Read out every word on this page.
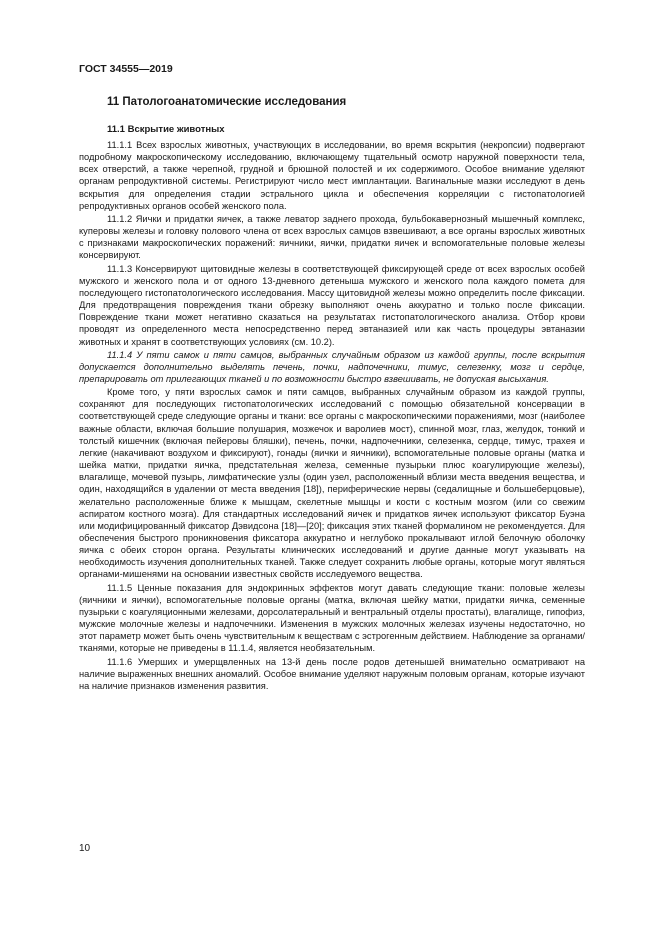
ГОСТ 34555—2019
11 Патологоанатомические исследования
11.1 Вскрытие животных

11.1.1 Всех взрослых животных, участвующих в исследовании, во время вскрытия (некропсии) подвергают подробному макроскопическому исследованию, включающему тщательный осмотр наружной поверхности тела, всех отверстий, а также черепной, грудной и брюшной полостей и их содержимого. Особое внимание уделяют органам репродуктивной системы. Регистрируют число мест имплантации. Вагинальные мазки исследуют в день вскрытия для определения стадии эстрального цикла и обеспечения корреляции с гистопатологией репродуктивных органов особей женского пола.

11.1.2 Яички и придатки яичек, а также леватор заднего прохода, бульбокавернозный мышечный комплекс, куперовы железы и головку полового члена от всех взрослых самцов взвешивают, а все органы взрослых животных с признаками макроскопических поражений: яичники, яички, придатки яичек и вспомогательные половые железы консервируют.

11.1.3 Консервируют щитовидные железы в соответствующей фиксирующей среде от всех взрослых особей мужского и женского пола и от одного 13-дневного детеныша мужского и женского пола каждого помета для последующего гистопатологического исследования. Массу щитовидной железы можно определить после фиксации. Для предотвращения повреждения ткани обрезку выполняют очень аккуратно и только после фиксации. Повреждение ткани может негативно сказаться на результатах гистопатологического анализа. Отбор крови проводят из определенного места непосредственно перед эвтаназией или как часть процедуры эвтаназии животных и хранят в соответствующих условиях (см. 10.2).

11.1.4 У пяти самок и пяти самцов, выбранных случайным образом из каждой группы, после вскрытия допускается дополнительно выделять печень, почки, надпочечники, тимус, селезенку, мозг и сердце, препарировать от прилегающих тканей и по возможности быстро взвешивать, не допуская высыхания.

Кроме того, у пяти взрослых самок и пяти самцов, выбранных случайным образом из каждой группы, сохраняют для последующих гистопатологических исследований с помощью обязательной консервации в соответствующей среде следующие органы и ткани: все органы с макроскопическими поражениями, мозг (наиболее важные области, включая большие полушария, мозжечок и варолиев мост), спинной мозг, глаз, желудок, тонкий и толстый кишечник (включая пейеровы бляшки), печень, почки, надпочечники, селезенка, сердце, тимус, трахея и легкие (накачивают воздухом и фиксируют), гонады (яички и яичники), вспомогательные половые органы (матка и шейка матки, придатки яичка, предстательная железа, семенные пузырьки плюс коагулирующие железы), влагалище, мочевой пузырь, лимфатические узлы (один узел, расположенный вблизи места введения вещества, и один, находящийся в удалении от места введения [18]), периферические нервы (седалищные и большеберцовые), желательно расположенные ближе к мышцам, скелетные мышцы и кости с костным мозгом (или со свежим аспиратом костного мозга). Для стандартных исследований яичек и придатков яичек используют фиксатор Буэна или модифицированный фиксатор Дэвидсона [18]—[20]; фиксация этих тканей формалином не рекомендуется. Для обеспечения быстрого проникновения фиксатора аккуратно и неглубоко прокалывают иглой белочную оболочку яичка с обеих сторон органа. Результаты клинических исследований и другие данные могут указывать на необходимость изучения дополнительных тканей. Также следует сохранить любые органы, которые могут являться органами-мишенями на основании известных свойств исследуемого вещества.

11.1.5 Ценные показания для эндокринных эффектов могут давать следующие ткани: половые железы (яичники и яички), вспомогательные половые органы (матка, включая шейку матки, придатки яичка, семенные пузырьки с коагуляционными железами, дорсолатеральный и вентральный отделы простаты), влагалище, гипофиз, мужские молочные железы и надпочечники. Изменения в мужских молочных железах изучены недостаточно, но этот параметр может быть очень чувствительным к веществам с эстрогенным действием. Наблюдение за органами/тканями, которые не приведены в 11.1.4, является необязательным.

11.1.6 Умерших и умерщвленных на 13-й день после родов детенышей внимательно осматривают на наличие выраженных внешних аномалий. Особое внимание уделяют наружным половым органам, которые изучают на наличие признаков изменения развития.

10
